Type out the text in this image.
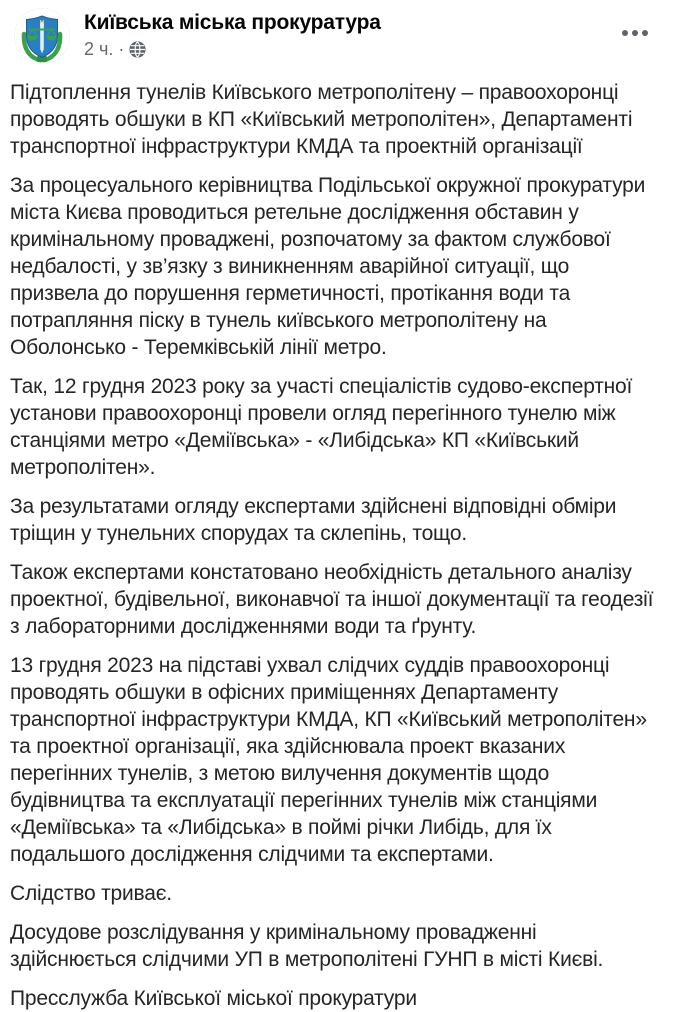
Київська міська прокуратура
2 ч. ·

Підтоплення тунелів Київського метрополітену – правоохоронці проводять обшуки в КП «Київський метрополітен», Департаменті транспортної інфраструктури КМДА та проектній організації

За процесуального керівництва Подільської окружної прокуратури міста Києва проводиться ретельне дослідження обставин у кримінальному проваджені, розпочатому за фактом службової недбалості, у зв’язку з виникненням аварійної ситуації, що призвела до порушення герметичності, протікання води та потрапляння піску в тунель київського метрополітену на Оболонсько - Теремківській лінії метро.

Так, 12 грудня 2023 року за участі спеціалістів судово-експертної установи правоохоронці провели огляд перегінного тунелю між станціями метро «Деміївська» - «Либідська» КП «Київський метрополітен».

За результатами огляду експертами здійснені відповідні обміри тріщин у тунельних спорудах та склепінь, тощо.

Також експертами констатовано необхідність детального аналізу проектної, будівельної, виконавчої та іншої документації та геодезії з лабораторними дослідженнями води та ґрунту.

13 грудня 2023 на підставі ухвал слідчих суддів правоохоронці проводять обшуки в офісних приміщеннях Департаменту транспортної інфраструктури КМДА, КП «Київський метрополітен» та проектної організації, яка здійснювала проект вказаних перегінних тунелів, з метою вилучення документів щодо будівництва та експлуатації перегінних тунелів між станціями «Деміївська» та «Либідська» в поймі річки Либідь, для їх подальшого дослідження слідчими та експертами.

Слідство триває.

Досудове розслідування у кримінальному провадженні здійснюється слідчими УП в метрополітені ГУНП в місті Києві.

Пресслужба Київської міської прокуратури
